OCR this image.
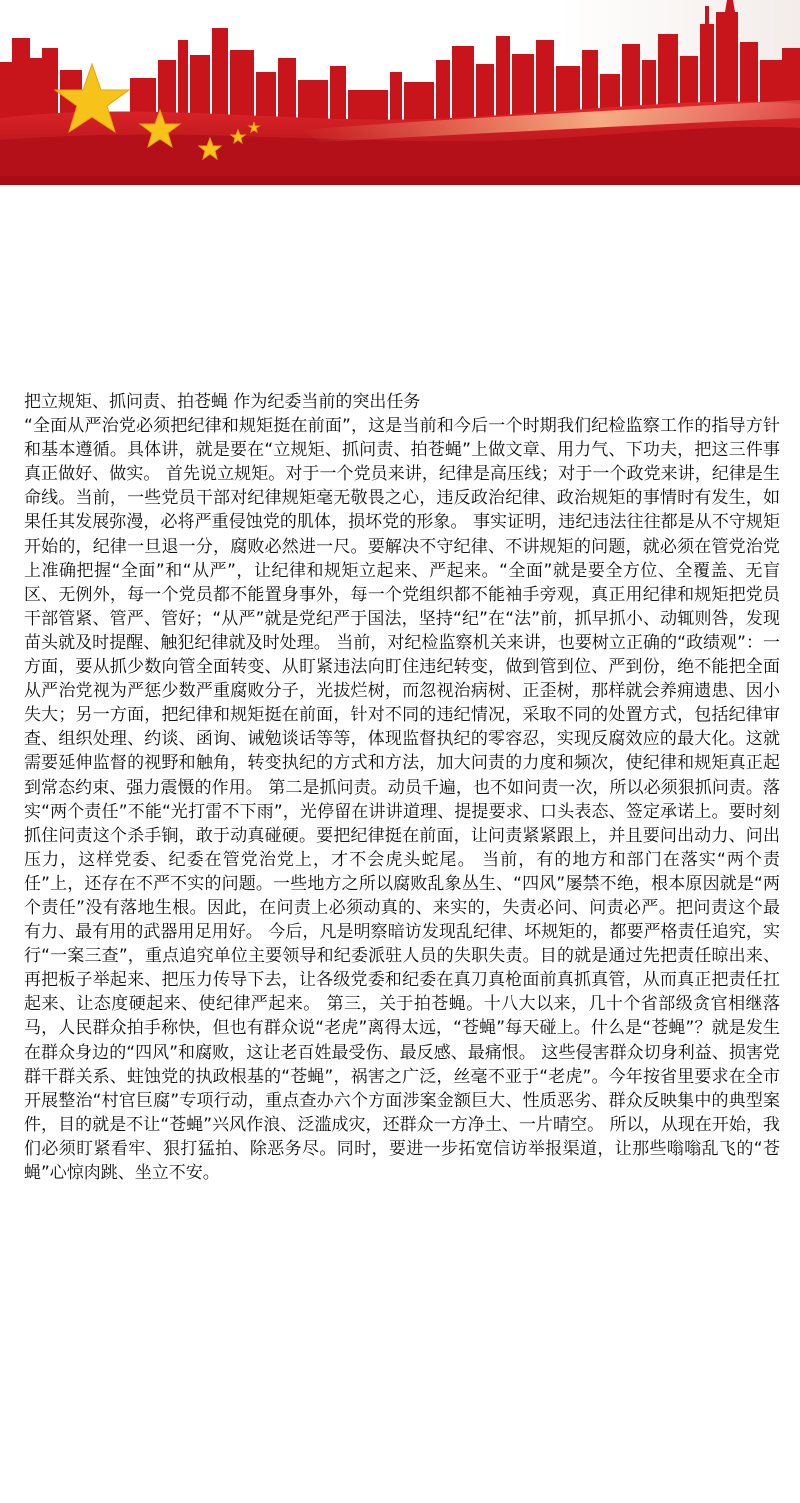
把立规矩、抓问责、拍苍蝇 作为纪委当前的突出任务

“全面从严治党必须把纪律和规矩挺在前面”，这是当前和今后一个时期我们纪检监察工作的指导方针和基本遵循。具体讲，就是要在“立规矩、抓问责、拍苍蝇”上做文章、用力气、下功夫，把这三件事真正做好、做实。 首先说立规矩。对于一个党员来讲，纪律是高压线；对于一个政党来讲，纪律是生命线。当前，一些党员干部对纪律规矩毫无敬畏之心，违反政治纪律、政治规矩的事情时有发生，如果任其发展弥漫，必将严重侵蚀党的肌体，损坏党的形象。 事实证明，违纪违法往往都是从不守规矩开始的，纪律一旦退一分，腐败必然进一尺。要解决不守纪律、不讲规矩的问题，就必须在管党治党上准确把握“全面”和“从严”，让纪律和规矩立起来、严起来。“全面”就是要全方位、全覆盖、无盲区、无例外，每一个党员都不能置身事外，每一个党组织都不能袖手旁观，真正用纪律和规矩把党员干部管紧、管严、管好；“从严”就是党纪严于国法，坚持“纪”在“法”前，抓早抓小、动辄则咎，发现苗头就及时提醒、触犯纪律就及时处理。 当前，对纪检监察机关来讲，也要树立正确的“政绩观”：一方面，要从抓少数向管全面转变、从盯紧违法向盯住违纪转变，做到管到位、严到份，绝不能把全面从严治党视为严惩少数严重腐败分子，光拔烂树，而忽视治病树、正歪树，那样就会养痈遗患、因小失大；另一方面，把纪律和规矩挺在前面，针对不同的违纪情况，采取不同的处置方式，包括纪律审查、组织处理、约谈、函询、诫勉谈话等等，体现监督执纪的零容忍，实现反腐效应的最大化。这就需要延伸监督的视野和触角，转变执纪的方式和方法，加大问责的力度和频次，使纪律和规矩真正起到常态约束、强力震慑的作用。 第二是抓问责。动员千遍，也不如问责一次，所以必须狠抓问责。落实“两个责任”不能“光打雷不下雨”，光停留在讲讲道理、提提要求、口头表态、签定承诺上。要时刻抓住问责这个杀手锏，敢于动真碰硬。要把纪律挺在前面，让问责紧紧跟上，并且要问出动力、问出压力，这样党委、纪委在管党治党上，才不会虎头蛇尾。 当前，有的地方和部门在落实“两个责任”上，还存在不严不实的问题。一些地方之所以腐败乱象丛生、“四风”屡禁不绝，根本原因就是“两个责任”没有落地生根。因此，在问责上必须动真的、来实的，失责必问、问责必严。把问责这个最有力、最有用的武器用足用好。 今后，凡是明察暗访发现乱纪律、坏规矩的，都要严格责任追究，实行“一案三查”，重点追究单位主要领导和纪委派驻人员的失职失责。目的就是通过先把责任晾出来、再把板子举起来、把压力传导下去，让各级党委和纪委在真刀真枪面前真抓真管，从而真正把责任扛起来、让态度硬起来、使纪律严起来。 第三，关于拍苍蝇。十八大以来，几十个省部级贪官相继落马，人民群众拍手称快，但也有群众说“老虎”离得太远，“苍蝇”每天碰上。什么是“苍蝇”？就是发生在群众身边的“四风”和腐败，这让老百姓最受伤、最反感、最痛恨。 这些侵害群众切身利益、损害党群干群关系、蛀蚀党的执政根基的“苍蝇”，祸害之广泛，丝毫不亚于“老虎”。今年按省里要求在全市开展整治“村官巨腐”专项行动，重点查办六个方面涉案金额巨大、性质恶劣、群众反映集中的典型案件，目的就是不让“苍蝇”兴风作浪、泛滥成灾，还群众一方净土、一片晴空。 所以，从现在开始，我们必须盯紧看牢、狠打猛拍、除恶务尽。同时，要进一步拓宽信访举报渠道，让那些嗡嗡乱飞的“苍蝇”心惊肉跳、坐立不安。
